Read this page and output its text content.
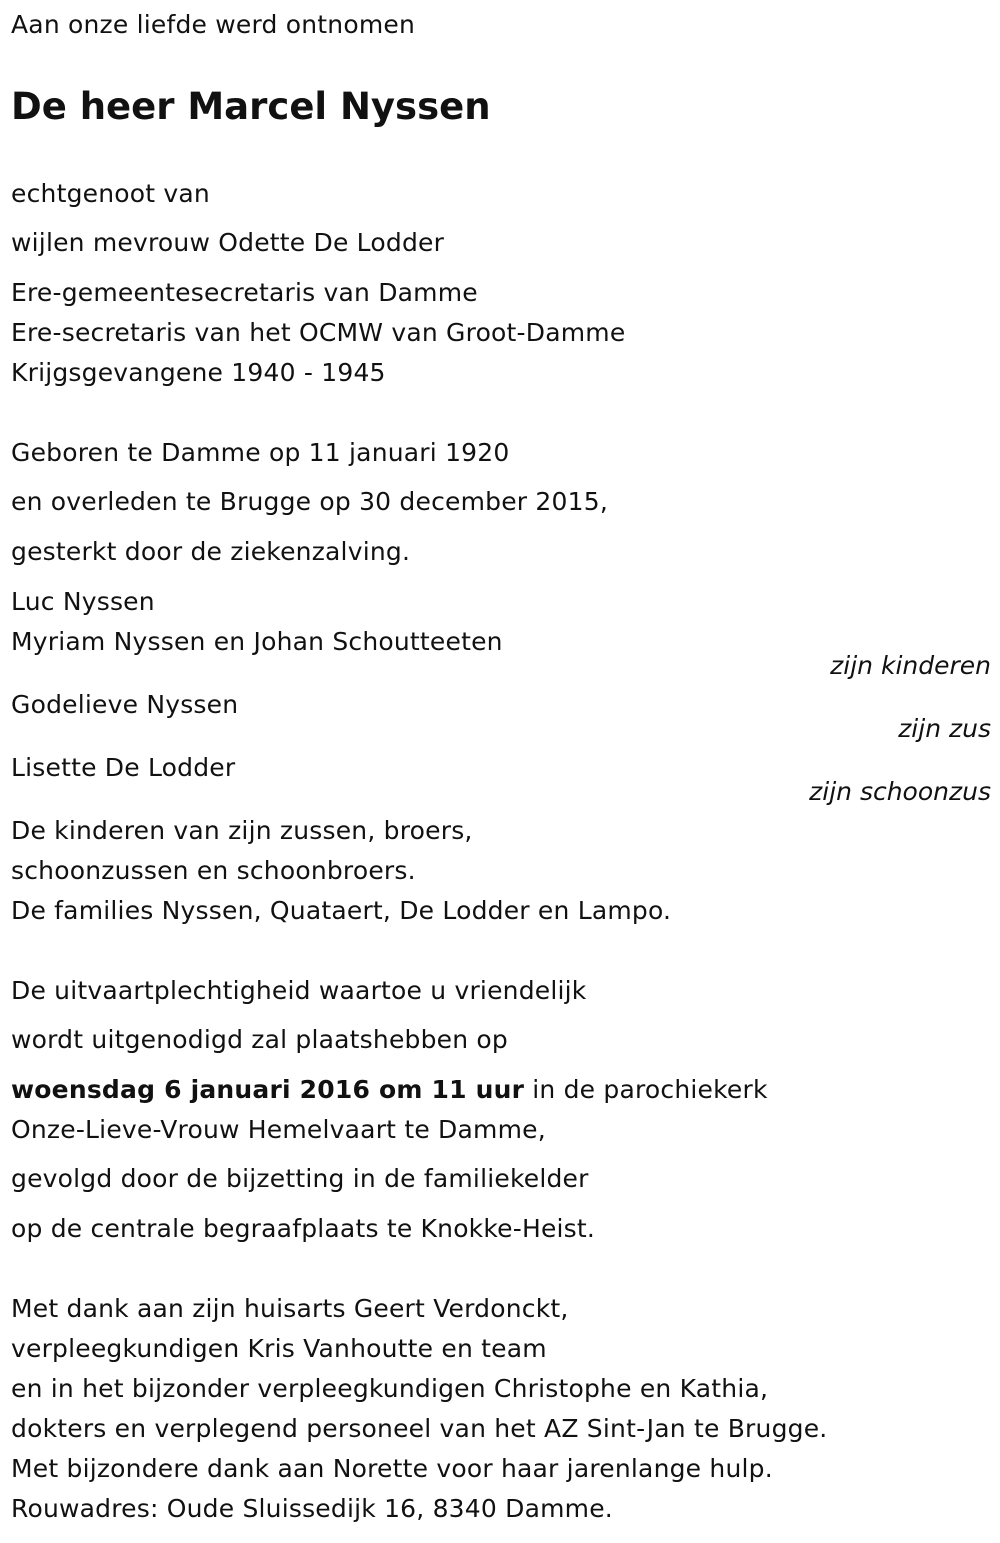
Aan onze liefde werd ontnomen
De heer Marcel Nyssen
echtgenoot van
wijlen mevrouw Odette De Lodder
Ere-gemeentesecretaris van Damme
Ere-secretaris van het OCMW van Groot-Damme
Krijgsgevangene 1940 - 1945
Geboren te Damme op 11 januari 1920
en overleden te Brugge op 30 december 2015,
gesterkt door de ziekenzalving.
Luc Nyssen
Myriam Nyssen en Johan Schoutteeten
zijn kinderen
Godelieve Nyssen
zijn zus
Lisette De Lodder
zijn schoonzus
De kinderen van zijn zussen, broers,
schoonzussen en schoonbroers.
De families Nyssen, Quataert, De Lodder en Lampo.
De uitvaartplechtigheid waartoe u vriendelijk
wordt uitgenodigd zal plaatshebben op
woensdag 6 januari 2016 om 11 uur in de parochiekerk
Onze-Lieve-Vrouw Hemelvaart te Damme,
gevolgd door de bijzetting in de familiekelder
op de centrale begraafplaats te Knokke-Heist.
Met dank aan zijn huisarts Geert Verdonckt,
verpleegkundigen Kris Vanhoutte en team
en in het bijzonder verpleegkundigen Christophe en Kathia,
dokters en verplegend personeel van het AZ Sint-Jan te Brugge.
Met bijzondere dank aan Norette voor haar jarenlange hulp.
Rouwadres: Oude Sluissedijk 16, 8340 Damme.
